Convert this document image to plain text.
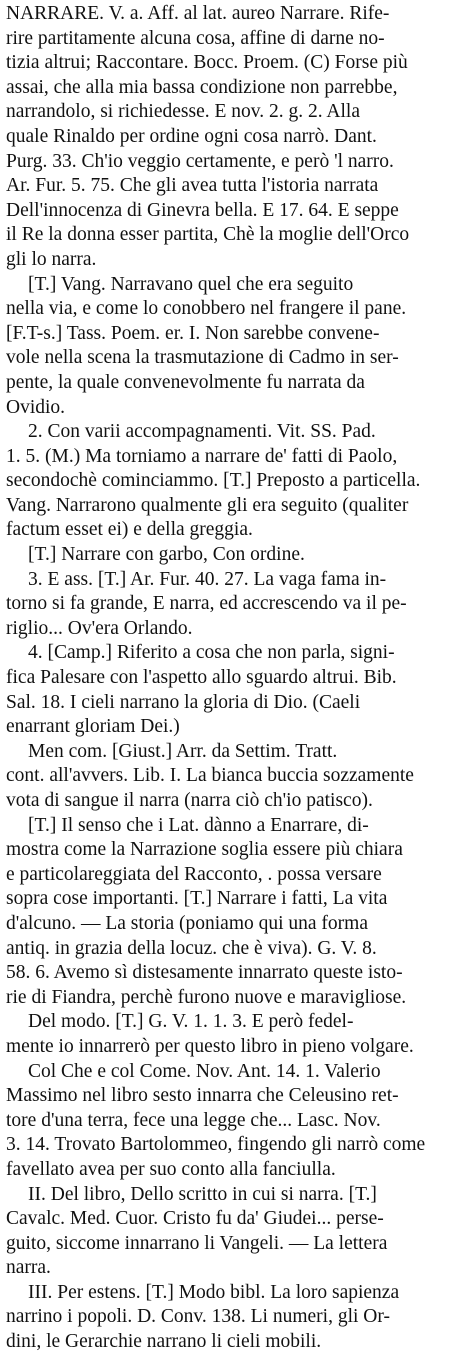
NARRARE. V. a. Aff. al lat. aureo Narrare. Rife-
rire partitamente alcuna cosa, affine di darne no-
tizia altrui; Raccontare. Bocc. Proem. (C) Forse più
assai, che alla mia bassa condizione non parrebbe,
narrandolo, si richiedesse. E nov. 2. g. 2. Alla
quale Rinaldo per ordine ogni cosa narrò. Dant.
Purg. 33. Ch'io veggio certamente, e però 'l narro.
Ar. Fur. 5. 75. Che gli avea tutta l'istoria narrata
Dell'innocenza di Ginevra bella. E 17. 64. E seppe
il Re la donna esser partita, Chè la moglie dell'Orco
gli lo narra.
[T.] Vang. Narravano quel che era seguito
nella via, e come lo conobbero nel frangere il pane.
[F.T-s.] Tass. Poem. er. I. Non sarebbe convene-
vole nella scena la trasmutazione di Cadmo in ser-
pente, la quale convenevolmente fu narrata da
Ovidio.
2. Con varii accompagnamenti. Vit. SS. Pad.
1. 5. (M.) Ma torniamo a narrare de' fatti di Paolo,
secondochè cominciammo. [T.] Preposto a particella.
Vang. Narrarono qualmente gli era seguito (qualiter
factum esset ei) e della greggia.
[T.] Narrare con garbo, Con ordine.
3. E ass. [T.] Ar. Fur. 40. 27. La vaga fama in-
torno si fa grande, E narra, ed accrescendo va il pe-
riglio... Ov'era Orlando.
4. [Camp.] Riferito a cosa che non parla, signi-
fica Palesare con l'aspetto allo sguardo altrui. Bib.
Sal. 18. I cieli narrano la gloria di Dio. (Caeli
enarrant gloriam Dei.)
Men com. [Giust.] Arr. da Settim. Tratt.
cont. all'avvers. Lib. I. La bianca buccia sozzamente
vota di sangue il narra (narra ciò ch'io patisco).
[T.] Il senso che i Lat. dànno a Enarrare, di-
mostra come la Narrazione soglia essere più chiara
e particolareggiata del Racconto, . possa versare
sopra cose importanti. [T.] Narrare i fatti, La vita
d'alcuno. — La storia (poniamo qui una forma
antiq. in grazia della locuz. che è viva). G. V. 8.
58. 6. Avemo sì distesamente innarrato queste isto-
rie di Fiandra, perchè furono nuove e maravigliose.
Del modo. [T.] G. V. 1. 1. 3. E però fedel-
mente io innarrerò per questo libro in pieno volgare.
Col Che e col Come. Nov. Ant. 14. 1. Valerio
Massimo nel libro sesto innarra che Celeusino ret-
tore d'una terra, fece una legge che... Lasc. Nov.
3. 14. Trovato Bartolommeo, fingendo gli narrò come
favellato avea per suo conto alla fanciulla.
II. Del libro, Dello scritto in cui si narra. [T.]
Cavalc. Med. Cuor. Cristo fu da' Giudei... perse-
guito, siccome innarrano li Vangeli. — La lettera
narra.
III. Per estens. [T.] Modo bibl. La loro sapienza
narrino i popoli. D. Conv. 138. Li numeri, gli Or-
dini, le Gerarchie narrano li cieli mobili.
